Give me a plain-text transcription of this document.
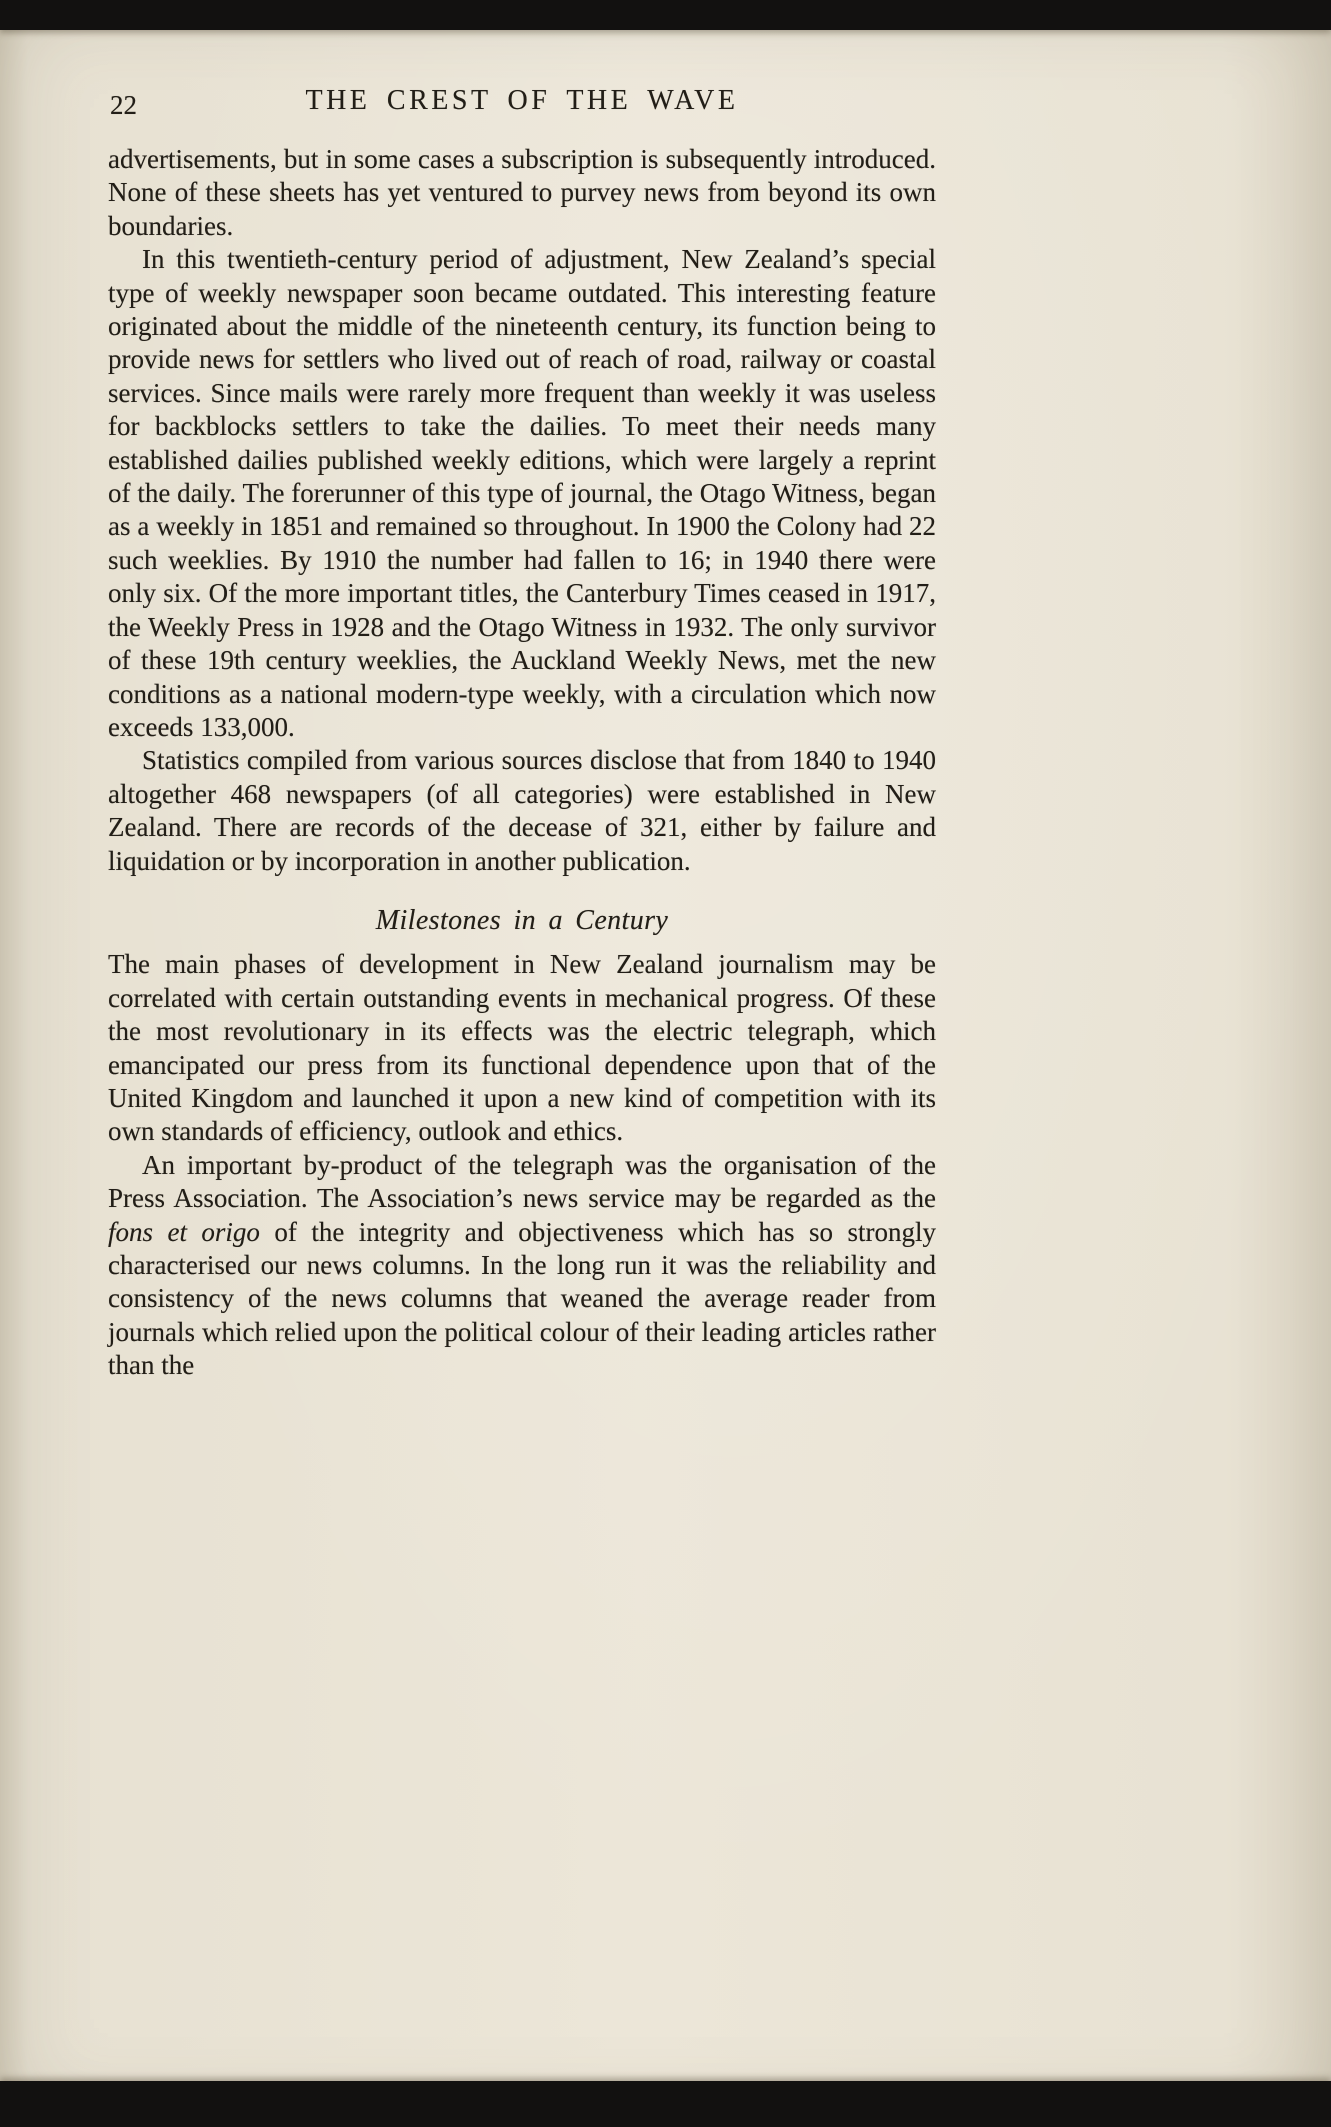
22	THE CREST OF THE WAVE

advertisements, but in some cases a subscription is subsequently introduced. None of these sheets has yet ventured to purvey news from beyond its own boundaries.

In this twentieth-century period of adjustment, New Zealand’s special type of weekly newspaper soon became outdated. This interesting feature originated about the middle of the nineteenth century, its function being to provide news for settlers who lived out of reach of road, railway or coastal services. Since mails were rarely more frequent than weekly it was useless for backblocks settlers to take the dailies. To meet their needs many established dailies published weekly editions, which were largely a reprint of the daily. The forerunner of this type of journal, the Otago Witness, began as a weekly in 1851 and remained so throughout. In 1900 the Colony had 22 such weeklies. By 1910 the number had fallen to 16; in 1940 there were only six. Of the more important titles, the Canterbury Times ceased in 1917, the Weekly Press in 1928 and the Otago Witness in 1932. The only survivor of these 19th century weeklies, the Auckland Weekly News, met the new conditions as a national modern-type weekly, with a circulation which now exceeds 133,000.

Statistics compiled from various sources disclose that from 1840 to 1940 altogether 468 newspapers (of all categories) were established in New Zealand. There are records of the decease of 321, either by failure and liquidation or by incorporation in another publication.

Milestones in a Century

The main phases of development in New Zealand journalism may be correlated with certain outstanding events in mechanical progress. Of these the most revolutionary in its effects was the electric telegraph, which emancipated our press from its functional dependence upon that of the United Kingdom and launched it upon a new kind of competition with its own standards of efficiency, outlook and ethics.

An important by-product of the telegraph was the organisation of the Press Association. The Association’s news service may be regarded as the fons et origo of the integrity and objectiveness which has so strongly characterised our news columns. In the long run it was the reliability and consistency of the news columns that weaned the average reader from journals which relied upon the political colour of their leading articles rather than the
